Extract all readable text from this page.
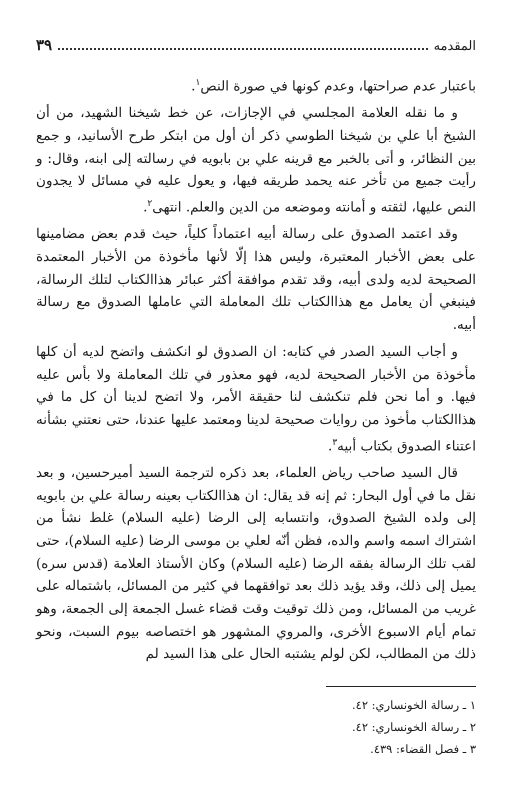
المقدمه
٣٩

باعتبار عدم صراحتها، وعدم كونها في صورة النص$^١$.

و ما نقله العلامة المجلسي في الإجازات، عن خط شيخنا الشهيد، من أن الشيخ أبا علي بن شيخنا الطوسي ذكر أن أول من ابتكر طرح الأسانيد، و جمع بين النظائر، و أتى بالخبر مع قرينه علي بن بابويه في رسالته إلى ابنه، وقال: و رأيت جميع من تأخر عنه يحمد طريقه فيها، و يعول عليه في مسائل لا يجدون النص عليها، لثقته و أمانته وموضعه من الدين والعلم. انتهى$^٢$.

وقد اعتمد الصدوق على رسالة أبيه اعتماداً كلياً، حيث قدم بعض مضامينها على بعض الأخبار المعتبرة، وليس هذا إلّا لأنها مأخوذة من الأخبار المعتمدة الصحيحة لديه ولدى أبيه، وقد تقدم موافقة أكثر عبائر هذاالكتاب لتلك الرسالة، فينبغي أن يعامل مع هذاالكتاب تلك المعاملة التي عاملها الصدوق مع رسالة أبيه.

و أجاب السيد الصدر في كتابه: ان الصدوق لو انكشف واتضح لديه أن كلها مأخوذة من الأخبار الصحيحة لديه، فهو معذور في تلك المعاملة ولا بأس عليه فيها. و أما نحن فلم تنكشف لنا حقيقة الأمر، ولا اتضح لدينا أن كل ما في هذاالكتاب مأخوذ من روايات صحيحة لدينا ومعتمد عليها عندنا، حتى نعتني بشأنه اعتناء الصدوق بكتاب أبيه$^٣$.

قال السيد صاحب رياض العلماء، بعد ذكره لترجمة السيد أميرحسين، و بعد نقل ما في أول البحار: ثم إنه قد يقال: ان هذاالكتاب بعينه رسالة علي بن بابويه إلى ولده الشيخ الصدوق، وانتسابه إلى الرضا (عليه السلام) غلط نشأ من اشتراك اسمه واسم والده، فظن أنّه لعلي بن موسى الرضا (عليه السلام)، حتى لقب تلك الرسالة بفقه الرضا (عليه السلام) وكان الأستاذ العلامة (قدس سره) يميل إلى ذلك، وقد يؤيد ذلك بعد توافقهما في كثير من المسائل، باشتماله على غريب من المسائل، ومن ذلك توقيت وقت قضاء غسل الجمعة إلى الجمعة، وهو تمام أيام الاسبوع الأخرى، والمروي المشهور هو اختصاصه بيوم السبت، ونحو ذلك من المطالب، لكن لولم يشتبه الحال على هذا السيد لم

١ ـ رسالة الخونساري: ٤٢.
٢ ـ رسالة الخونساري: ٤٢.
٣ ـ فصل القضاء: ٤٣٩.
